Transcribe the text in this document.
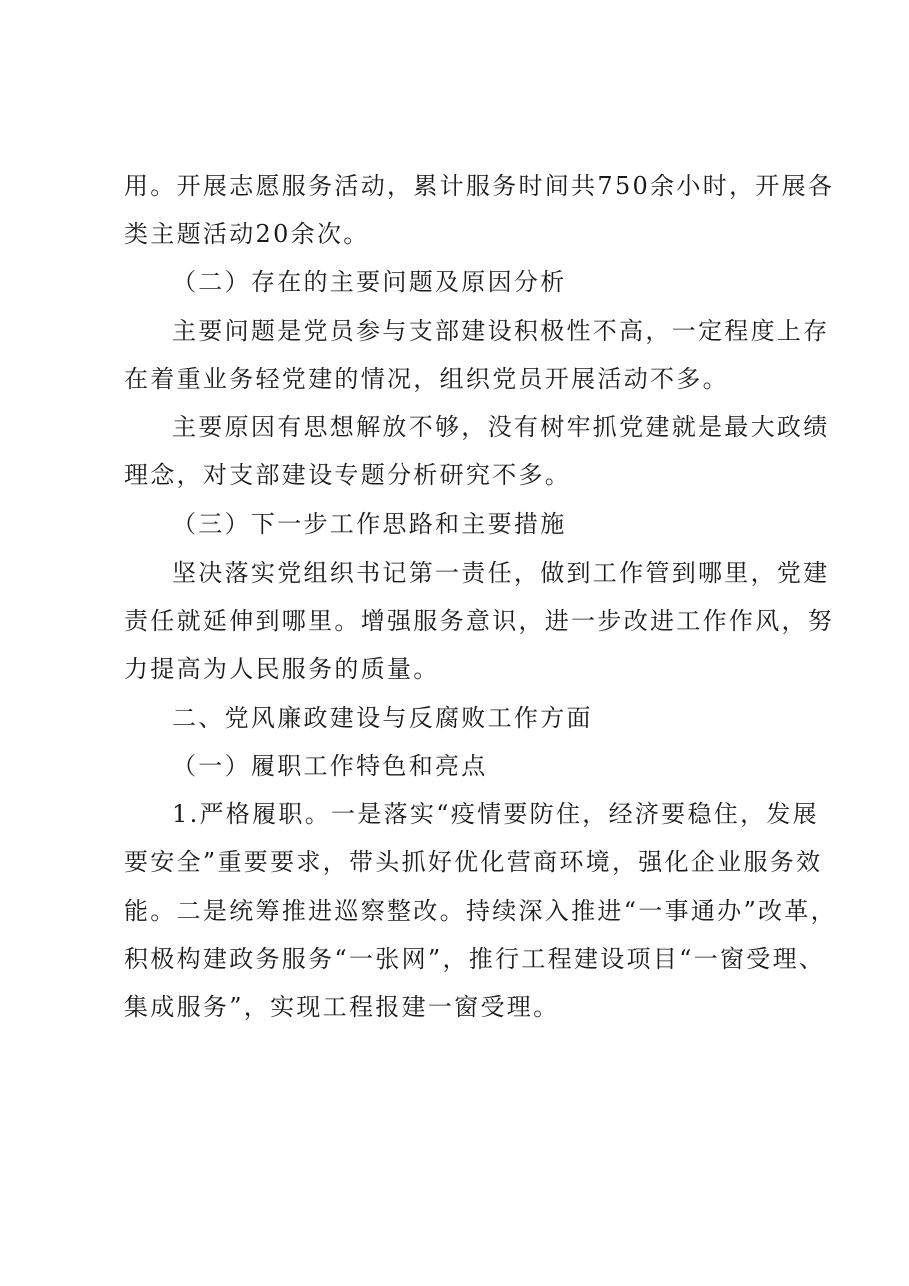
用。开展志愿服务活动，累计服务时间共750余小时，开展各
类主题活动20余次。
（二）存在的主要问题及原因分析
主要问题是党员参与支部建设积极性不高，一定程度上存
在着重业务轻党建的情况，组织党员开展活动不多。
主要原因有思想解放不够，没有树牢抓党建就是最大政绩
理念，对支部建设专题分析研究不多。
（三）下一步工作思路和主要措施
坚决落实党组织书记第一责任，做到工作管到哪里，党建
责任就延伸到哪里。增强服务意识，进一步改进工作作风，努
力提高为人民服务的质量。
二、党风廉政建设与反腐败工作方面
（一）履职工作特色和亮点
1.严格履职。一是落实“疫情要防住，经济要稳住，发展
要安全”重要要求，带头抓好优化营商环境，强化企业服务效
能。二是统筹推进巡察整改。持续深入推进“一事通办”改革，
积极构建政务服务“一张网”，推行工程建设项目“一窗受理、
集成服务”，实现工程报建一窗受理。
